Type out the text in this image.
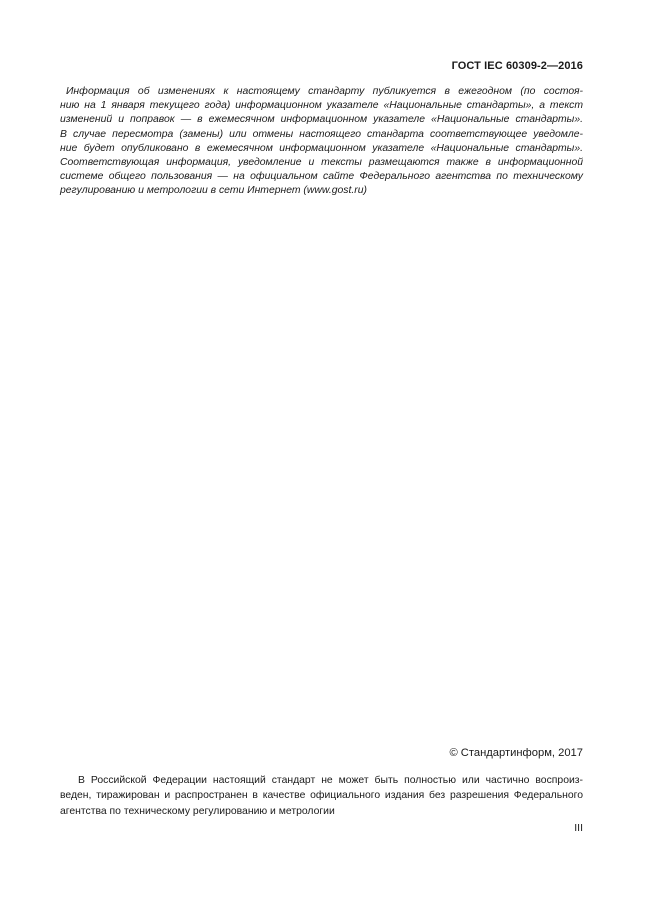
ГОСТ IEC 60309-2—2016
Информация об изменениях к настоящему стандарту публикуется в ежегодном (по состоя-
нию на 1 января текущего года) информационном указателе «Национальные стандарты», а текст
изменений и поправок — в ежемесячном информационном указателе «Национальные стандарты».
В случае пересмотра (замены) или отмены настоящего стандарта соответствующее уведомле-
ние будет опубликовано в ежемесячном информационном указателе «Национальные стандарты».
Соответствующая информация, уведомление и тексты размещаются также в информационной
системе общего пользования — на официальном сайте Федерального агентства по техническому
регулированию и метрологии в сети Интернет (www.gost.ru)
© Стандартинформ, 2017
В Российской Федерации настоящий стандарт не может быть полностью или частично воспроиз-
веден, тиражирован и распространен в качестве официального издания без разрешения Федерального
агентства по техническому регулированию и метрологии
III
